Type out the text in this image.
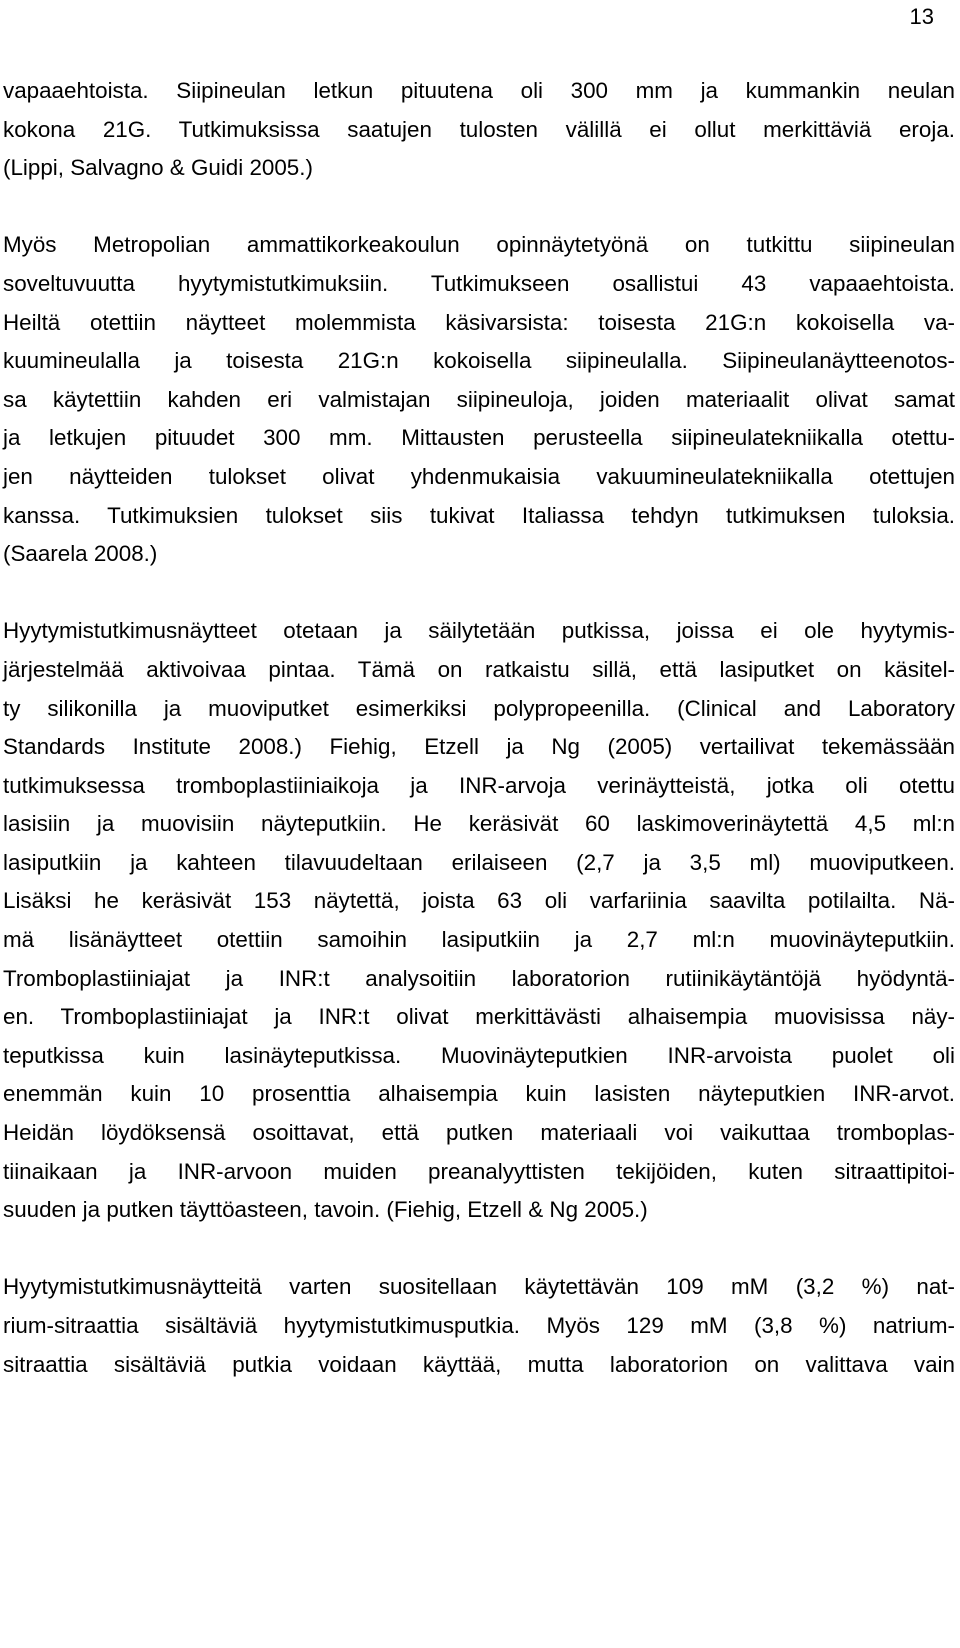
13
vapaaehtoista. Siipineulan letkun pituutena oli 300 mm ja kummankin neulan
kokona 21G. Tutkimuksissa saatujen tulosten välillä ei ollut merkittäviä eroja.
(Lippi, Salvagno & Guidi 2005.)
Myös Metropolian ammattikorkeakoulun opinnäytetyönä on tutkittu siipineulan
soveltuvuutta hyytymistutkimuksiin. Tutkimukseen osallistui 43 vapaaehtoista.
Heiltä otettiin näytteet molemmista käsivarsista: toisesta 21G:n kokoisella va-
kuumineulalla ja toisesta 21G:n kokoisella siipineulalla. Siipineulanäytteenotos-
sa käytettiin kahden eri valmistajan siipineuloja, joiden materiaalit olivat samat
ja letkujen pituudet 300 mm. Mittausten perusteella siipineulatekniikalla otettu-
jen näytteiden tulokset olivat yhdenmukaisia vakuumineulatekniikalla otettujen
kanssa. Tutkimuksien tulokset siis tukivat Italiassa tehdyn tutkimuksen tuloksia.
(Saarela 2008.)
Hyytymistutkimusnäytteet otetaan ja säilytetään putkissa, joissa ei ole hyytymis-
järjestelmää aktivoivaa pintaa. Tämä on ratkaistu sillä, että lasiputket on käsitel-
ty silikonilla ja muoviputket esimerkiksi polypropeenilla. (Clinical and Laboratory
Standards Institute 2008.) Fiehig, Etzell ja Ng (2005) vertailivat tekemässään
tutkimuksessa tromboplastiiniaikoja ja INR-arvoja verinäytteistä, jotka oli otettu
lasisiin ja muovisiin näyteputkiin. He keräsivät 60 laskimoverinäytettä 4,5 ml:n
lasiputkiin ja kahteen tilavuudeltaan erilaiseen (2,7 ja 3,5 ml) muoviputkeen.
Lisäksi he keräsivät 153 näytettä, joista 63 oli varfariinia saavilta potilailta. Nä-
mä lisänäytteet otettiin samoihin lasiputkiin ja 2,7 ml:n muovinäyteputkiin.
Tromboplastiiniajat ja INR:t analysoitiin laboratorion rutiinikäytäntöjä hyödyntä-
en. Tromboplastiiniajat ja INR:t olivat merkittävästi alhaisempia muovisissa näy-
teputkissa kuin lasinäyteputkissa. Muovinäyteputkien INR-arvoista puolet oli
enemmän kuin 10 prosenttia alhaisempia kuin lasisten näyteputkien INR-arvot.
Heidän löydöksensä osoittavat, että putken materiaali voi vaikuttaa tromboplas-
tiinaikaan ja INR-arvoon muiden preanalyyttisten tekijöiden, kuten sitraattipitoi-
suuden ja putken täyttöasteen, tavoin. (Fiehig, Etzell & Ng 2005.)
Hyytymistutkimusnäytteitä varten suositellaan käytettävän 109 mM (3,2 %) nat-
rium-sitraattia sisältäviä hyytymistutkimusputkia. Myös 129 mM (3,8 %) natrium-
sitraattia sisältäviä putkia voidaan käyttää, mutta laboratorion on valittava vain
